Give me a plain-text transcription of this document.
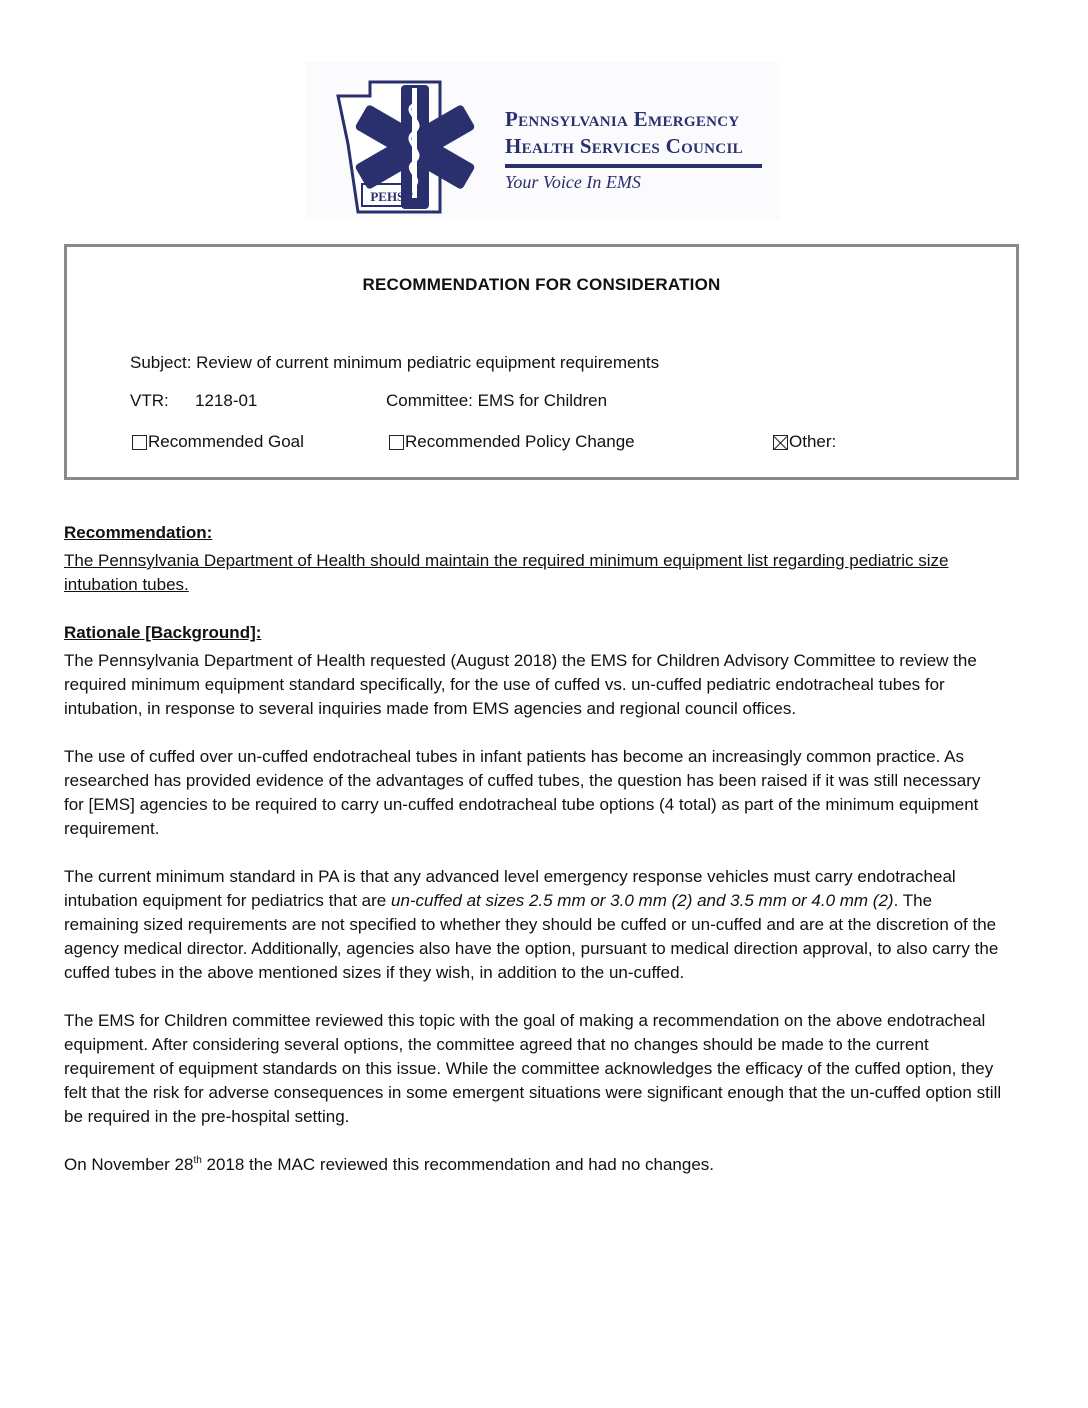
PEHSC
Pennsylvania Emergency
Health Services Council
Your Voice In EMS
RECOMMENDATION FOR CONSIDERATION
Subject: Review of current minimum pediatric equipment requirements
VTR: 1218-01	Committee: EMS for Children
Recommended Goal	Recommended Policy Change	Other:

Recommendation:

The Pennsylvania Department of Health should maintain the required minimum equipment list regarding pediatric size intubation tubes.

Rationale [Background]:

The Pennsylvania Department of Health requested (August 2018) the EMS for Children Advisory Committee to review the required minimum equipment standard specifically, for the use of cuffed vs. un-cuffed pediatric endotracheal tubes for intubation, in response to several inquiries made from EMS agencies and regional council offices.

The use of cuffed over un-cuffed endotracheal tubes in infant patients has become an increasingly common practice. As researched has provided evidence of the advantages of cuffed tubes, the question has been raised if it was still necessary for [EMS] agencies to be required to carry un-cuffed endotracheal tube options (4 total) as part of the minimum equipment requirement.

The current minimum standard in PA is that any advanced level emergency response vehicles must carry endotracheal intubation equipment for pediatrics that are un-cuffed at sizes 2.5 mm or 3.0 mm (2) and 3.5 mm or 4.0 mm (2). The remaining sized requirements are not specified to whether they should be cuffed or un-cuffed and are at the discretion of the agency medical director. Additionally, agencies also have the option, pursuant to medical direction approval, to also carry the cuffed tubes in the above mentioned sizes if they wish, in addition to the un-cuffed.

The EMS for Children committee reviewed this topic with the goal of making a recommendation on the above endotracheal equipment. After considering several options, the committee agreed that no changes should be made to the current requirement of equipment standards on this issue. While the committee acknowledges the efficacy of the cuffed option, they felt that the risk for adverse consequences in some emergent situations were significant enough that the un-cuffed option still be required in the pre-hospital setting.

On November 28th 2018 the MAC reviewed this recommendation and had no changes.
